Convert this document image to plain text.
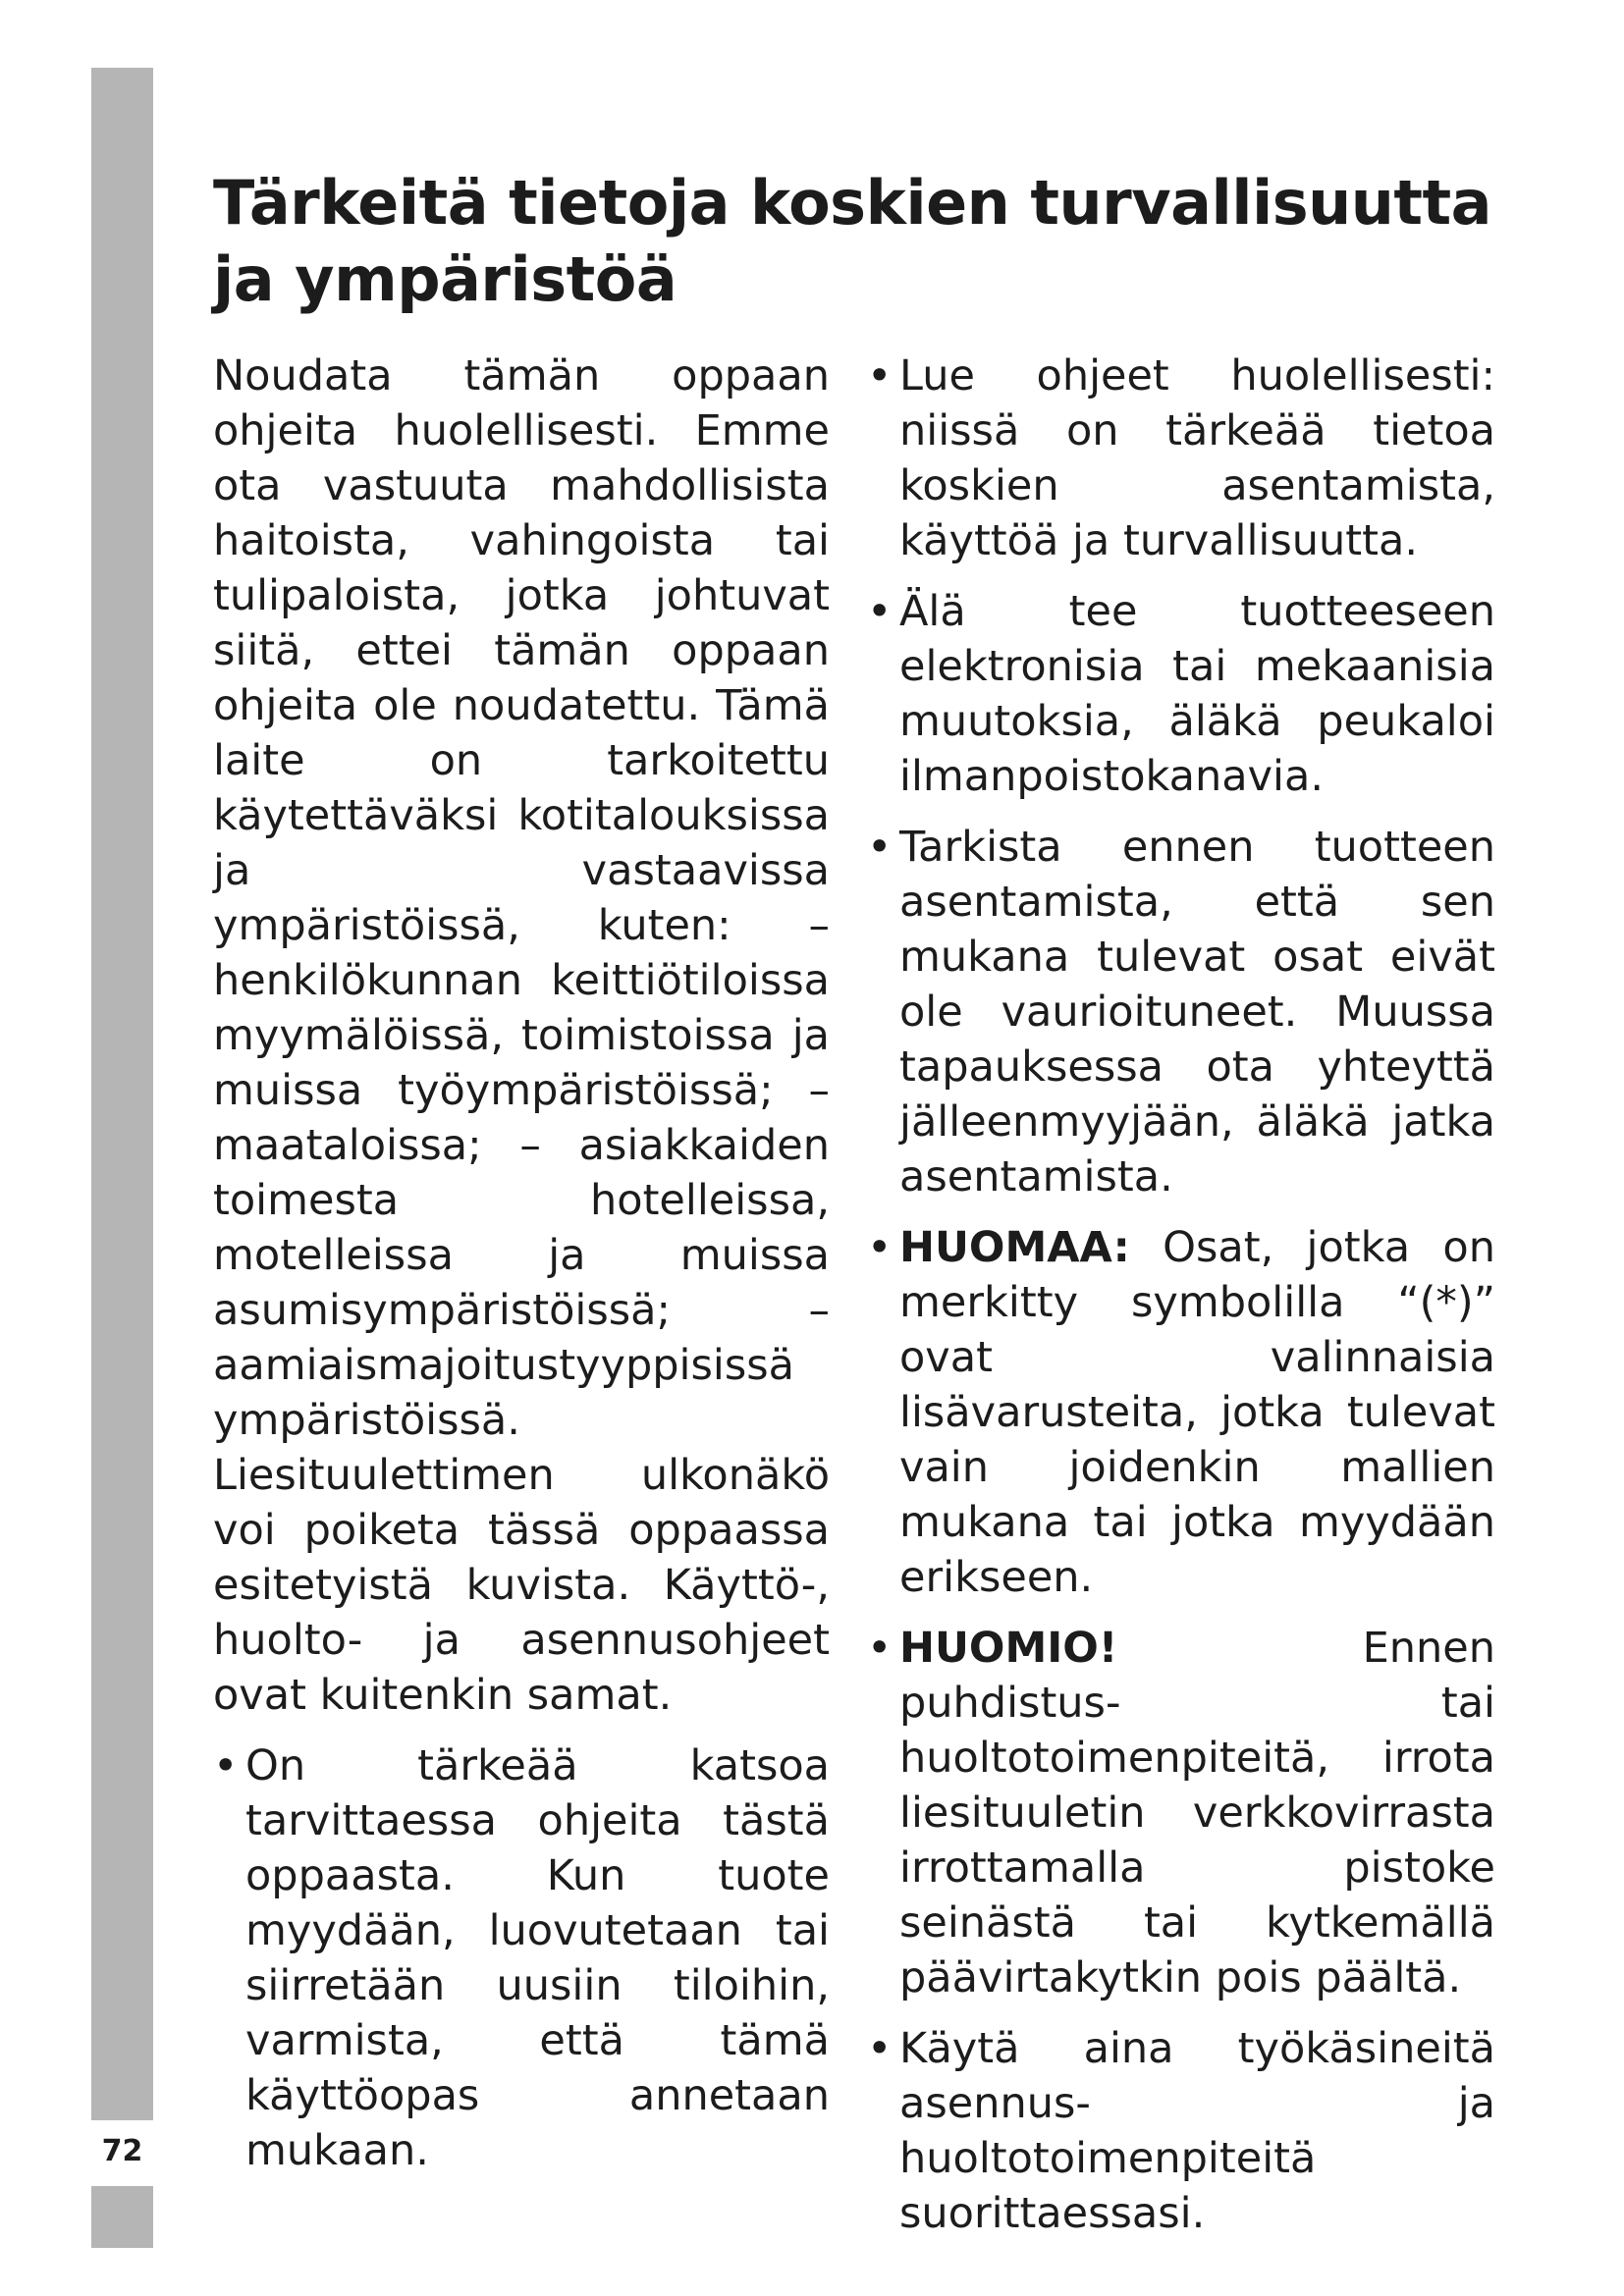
72
Tärkeitä tietoja koskien turvallisuutta ja ympäristöä

Noudata tämän oppaan ohjeita huolellisesti. Emme ota vastuuta mahdollisista haitoista, vahingoista tai tulipaloista, jotka johtuvat siitä, ettei tämän oppaan ohjeita ole noudatettu. Tämä laite on tarkoitettu käytettäväksi kotitalouksissa ja vastaavissa ympäristöissä, kuten: – henkilökunnan keittiötiloissa myymälöissä, toimistoissa ja muissa työympäristöissä; – maataloissa; – asiakkaiden toimesta hotelleissa, motelleissa ja muissa asumisympäristöissä; – aamiaismajoitustyyppisissä ympäristöissä. Liesituulettimen ulkonäkö voi poiketa tässä oppaassa esitetyistä kuvista. Käyttö-, huolto- ja asennusohjeet ovat kuitenkin samat.

• On tärkeää katsoa tarvittaessa ohjeita tästä oppaasta. Kun tuote myydään, luovutetaan tai siirretään uusiin tiloihin, varmista, että tämä käyttöopas annetaan mukaan.
• Lue ohjeet huolellisesti: niissä on tärkeää tietoa koskien asentamista, käyttöä ja turvallisuutta.
• Älä tee tuotteeseen elektronisia tai mekaanisia muutoksia, äläkä peukaloi ilmanpoistokanavia.
• Tarkista ennen tuotteen asentamista, että sen mukana tulevat osat eivät ole vaurioituneet. Muussa tapauksessa ota yhteyttä jälleenmyyjään, äläkä jatka asentamista.
• HUOMAA: Osat, jotka on merkitty symbolilla “(*)” ovat valinnaisia lisävarusteita, jotka tulevat vain joidenkin mallien mukana tai jotka myydään erikseen.
• HUOMIO!	Ennen puhdistus- tai huoltotoimenpiteitä, irrota liesituuletin verkkovirrasta irrottamalla pistoke seinästä tai kytkemällä päävirtakytkin pois päältä.
• Käytä aina työkäsineitä asennus- ja huoltotoimenpiteitä suorittaessasi.
